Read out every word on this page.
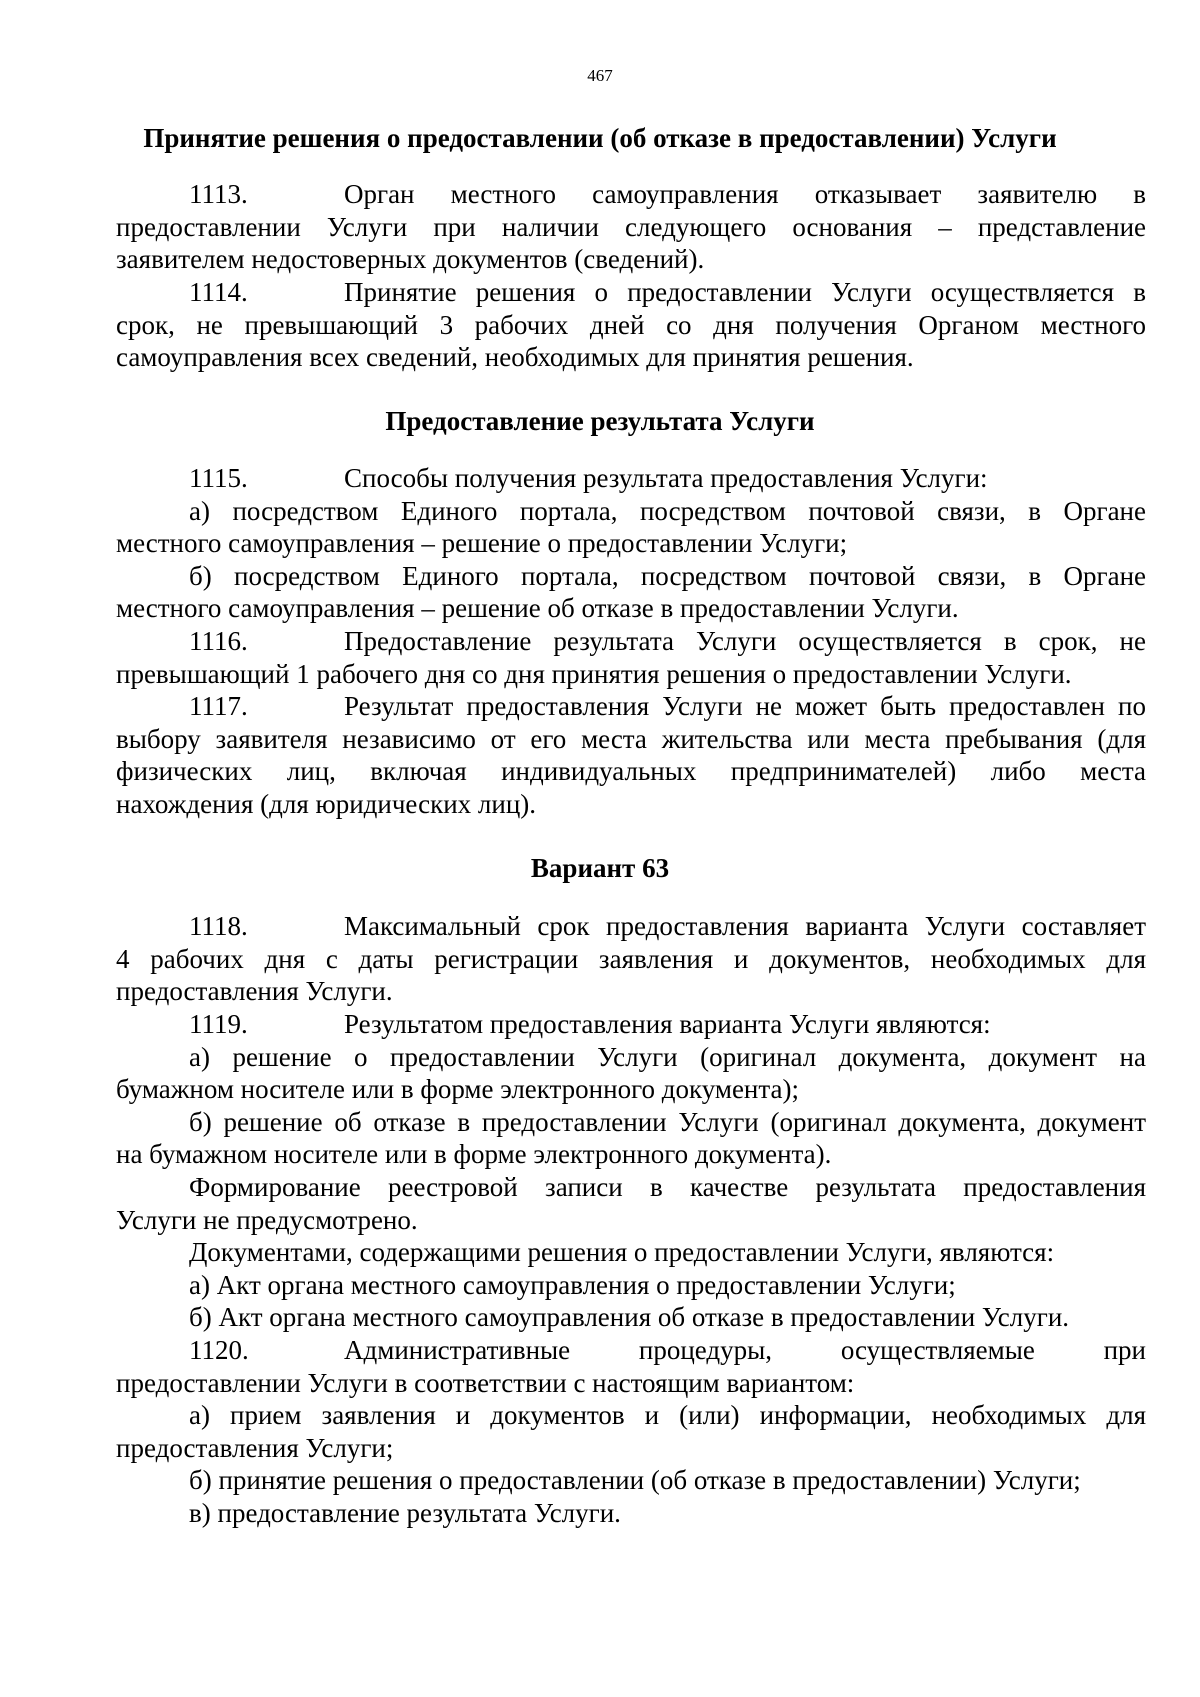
467
Принятие решения о предоставлении (об отказе в предоставлении) Услуги
1113.	Орган местного самоуправления отказывает заявителю в
предоставлении Услуги при наличии следующего основания – представление
заявителем недостоверных документов (сведений).
1114.	Принятие решения о предоставлении Услуги осуществляется в
срок, не превышающий 3 рабочих дней со дня получения Органом местного
самоуправления всех сведений, необходимых для принятия решения.
Предоставление результата Услуги
1115.	Способы получения результата предоставления Услуги:
а) посредством Единого портала, посредством почтовой связи, в Органе
местного самоуправления – решение о предоставлении Услуги;
б) посредством Единого портала, посредством почтовой связи, в Органе
местного самоуправления – решение об отказе в предоставлении Услуги.
1116.	Предоставление результата Услуги осуществляется в срок, не
превышающий 1 рабочего дня со дня принятия решения о предоставлении Услуги.
1117.	Результат предоставления Услуги не может быть предоставлен по
выбору заявителя независимо от его места жительства или места пребывания (для
физических лиц, включая индивидуальных предпринимателей) либо места
нахождения (для юридических лиц).
Вариант 63
1118.	Максимальный срок предоставления варианта Услуги составляет
4 рабочих дня с даты регистрации заявления и документов, необходимых для
предоставления Услуги.
1119.	Результатом предоставления варианта Услуги являются:
а) решение о предоставлении Услуги (оригинал документа, документ на
бумажном носителе или в форме электронного документа);
б) решение об отказе в предоставлении Услуги (оригинал документа, документ
на бумажном носителе или в форме электронного документа).
Формирование реестровой записи в качестве результата предоставления
Услуги не предусмотрено.
Документами, содержащими решения о предоставлении Услуги, являются:
а) Акт органа местного самоуправления о предоставлении Услуги;
б) Акт органа местного самоуправления об отказе в предоставлении Услуги.
1120.	Административные процедуры, осуществляемые при
предоставлении Услуги в соответствии с настоящим вариантом:
а) прием заявления и документов и (или) информации, необходимых для
предоставления Услуги;
б) принятие решения о предоставлении (об отказе в предоставлении) Услуги;
в) предоставление результата Услуги.
